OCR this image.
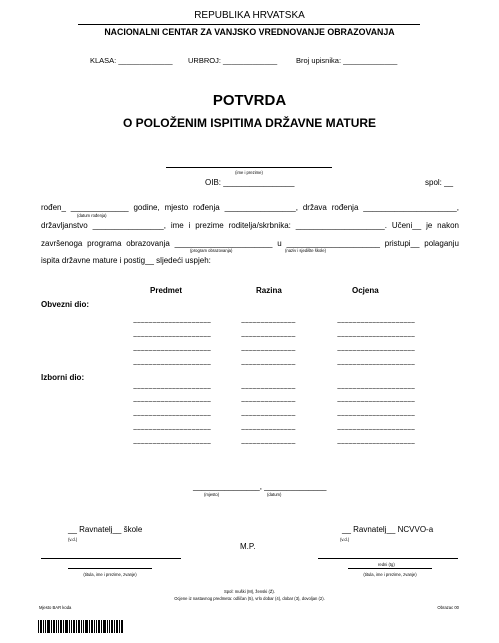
REPUBLIKA HRVATSKA
NACIONALNI CENTAR ZA VANJSKO VREDNOVANJE OBRAZOVANJA
KLASA: _____________ URBROJ: _____________	Broj upisnika: _____________
POTVRDA
O POLOŽENIM ISPITIMA DRŽAVNE MATURE
(ime i prezime)
OIB: ________________	spol: __
rođen_ _____________ godine, mjesto rođenja ________________, država rođenja _____________________,
(datum rođenja)
državljanstvo ________________, ime i prezime roditelja/skrbnika: ____________________. Učeni__ je nakon
završenoga programa obrazovanja ______________________ u _____________________ pristupi__ polaganju
(program obrazovanja)	(naziv i sjedište škole)
ispita državne mature i postig__ sljedeći uspjeh:
Predmet	Razina	Ocjena
Obvezni dio:
~~~~~~~~~~~~~~~~~~~~	~~~~~~~~~~~~~~	~~~~~~~~~~~~~~~~~~~~
~~~~~~~~~~~~~~~~~~~~	~~~~~~~~~~~~~~	~~~~~~~~~~~~~~~~~~~~
~~~~~~~~~~~~~~~~~~~~	~~~~~~~~~~~~~~	~~~~~~~~~~~~~~~~~~~~
~~~~~~~~~~~~~~~~~~~~	~~~~~~~~~~~~~~	~~~~~~~~~~~~~~~~~~~~
Izborni dio:
~~~~~~~~~~~~~~~~~~~~	~~~~~~~~~~~~~~	~~~~~~~~~~~~~~~~~~~~
~~~~~~~~~~~~~~~~~~~~	~~~~~~~~~~~~~~	~~~~~~~~~~~~~~~~~~~~
~~~~~~~~~~~~~~~~~~~~	~~~~~~~~~~~~~~	~~~~~~~~~~~~~~~~~~~~
~~~~~~~~~~~~~~~~~~~~	~~~~~~~~~~~~~~	~~~~~~~~~~~~~~~~~~~~
~~~~~~~~~~~~~~~~~~~~	~~~~~~~~~~~~~~	~~~~~~~~~~~~~~~~~~~~
_______________, ______________
(mjesto)	(datum)
__ Ravnatelj__ škole
(v.d.)
__ Ravnatelj__ NCVVO-a
(v.d.)
M.P.
redni (tg)
(titula, ime i prezime, zvanje)	(titula, ime i prezime, zvanje)
Spol: muški (M), ženski (Ž).
Ocjene iz nastavnog predmeta: odličan (5), vrlo dobar (4), dobar (3), dovoljan (2).
Mjesto BAR koda	Obrazac 00
